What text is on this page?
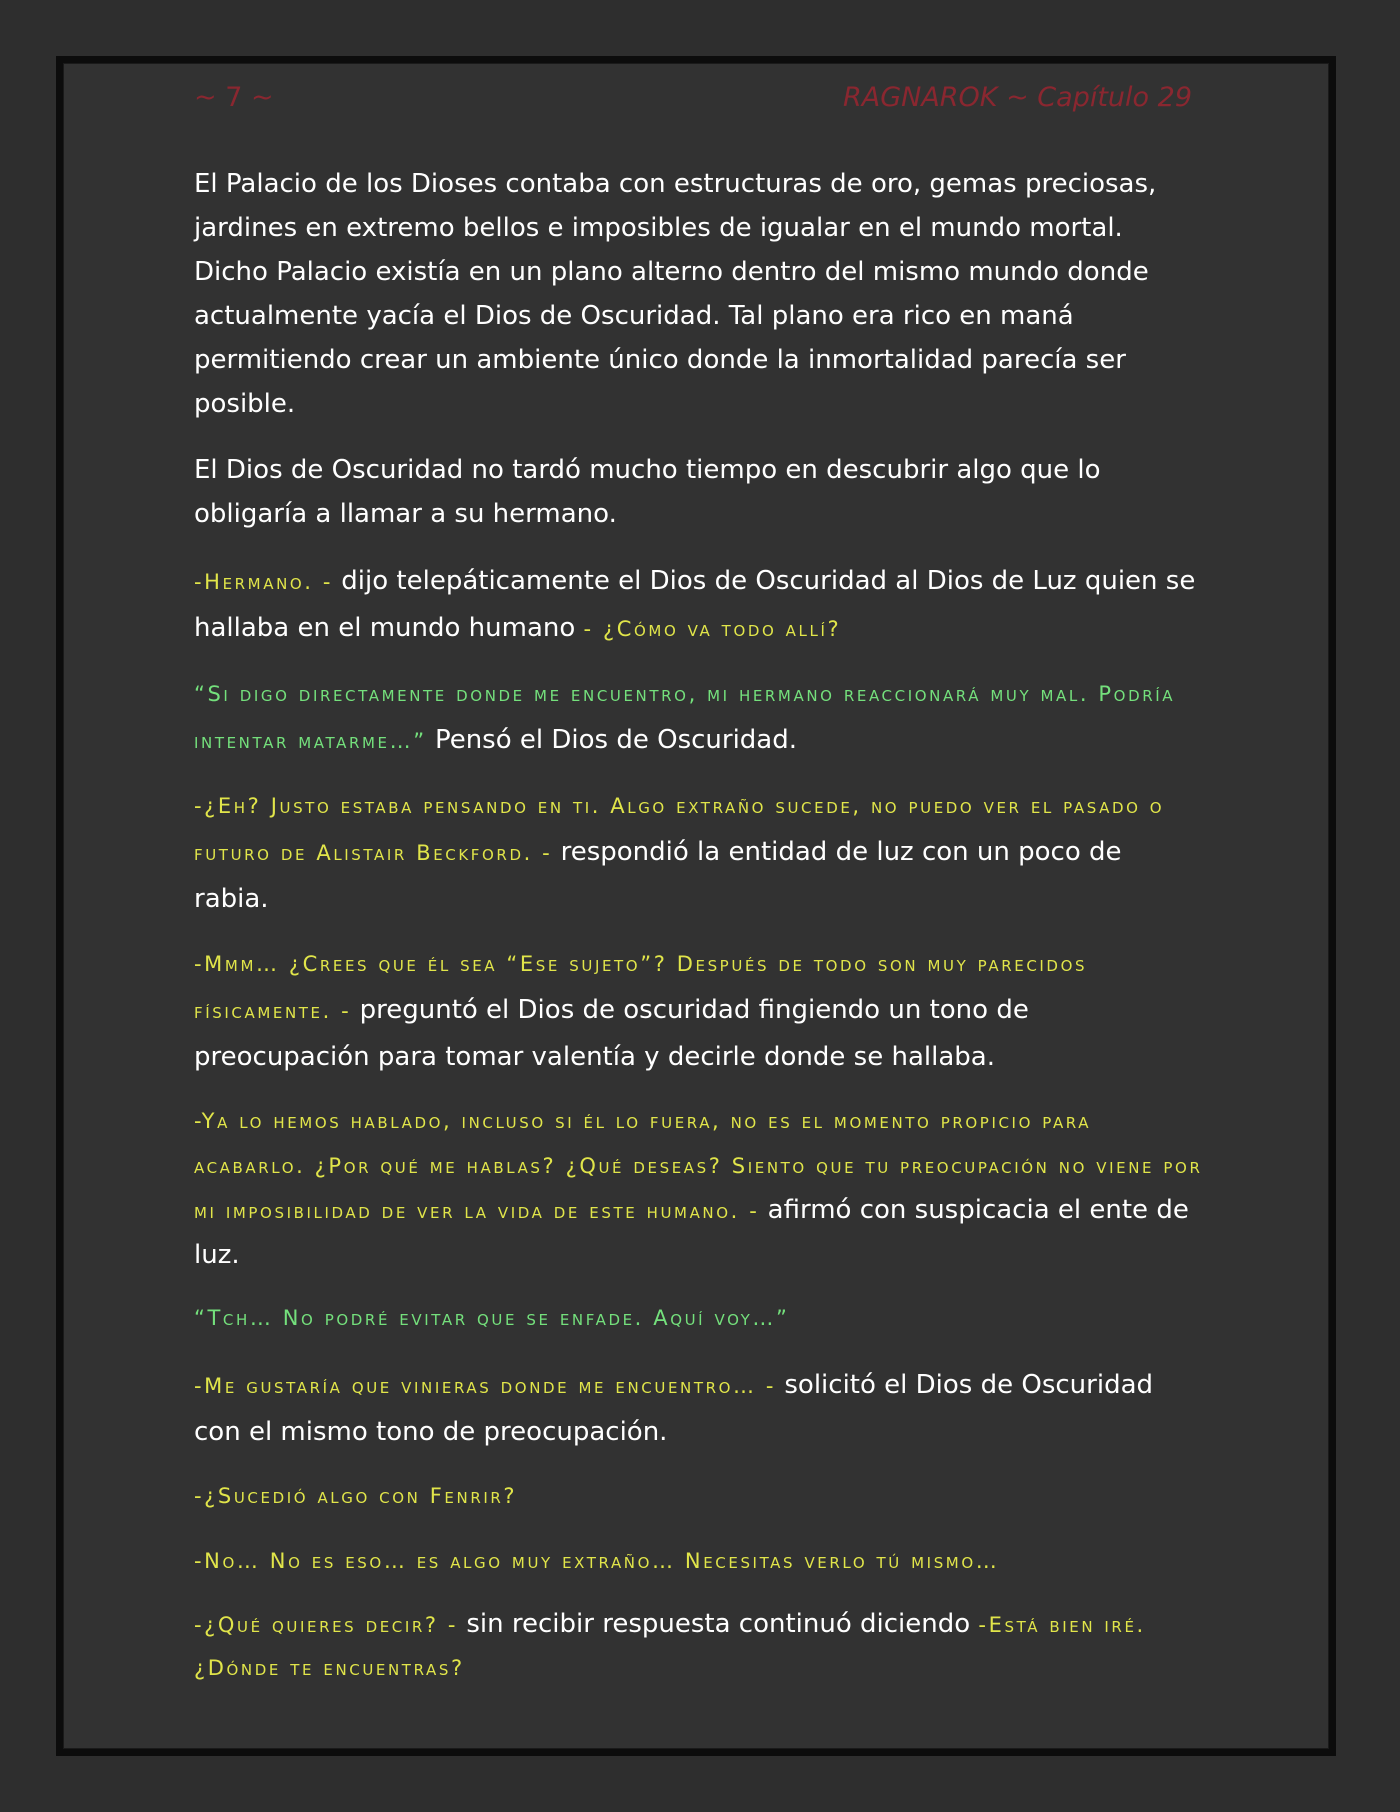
~ 7 ~	RAGNAROK ~ Capítulo 29

El Palacio de los Dioses contaba con estructuras de oro, gemas preciosas, jardines en extremo bellos e imposibles de igualar en el mundo mortal. Dicho Palacio existía en un plano alterno dentro del mismo mundo donde actualmente yacía el Dios de Oscuridad. Tal plano era rico en maná permitiendo crear un ambiente único donde la inmortalidad parecía ser posible.

El Dios de Oscuridad no tardó mucho tiempo en descubrir algo que lo obligaría a llamar a su hermano.

-Hermano. - dijo telepáticamente el Dios de Oscuridad al Dios de Luz quien se hallaba en el mundo humano - ¿Cómo va todo allí?

“Si digo directamente donde me encuentro, mi hermano reaccionará muy mal. Podría intentar matarme…” Pensó el Dios de Oscuridad.

-¿Eh? Justo estaba pensando en ti. Algo extraño sucede, no puedo ver el pasado o futuro de Alistair Beckford. - respondió la entidad de luz con un poco de rabia.

-Mmm… ¿Crees que él sea “Ese sujeto”? Después de todo son muy parecidos físicamente. - preguntó el Dios de oscuridad fingiendo un tono de preocupación para tomar valentía y decirle donde se hallaba.

-Ya lo hemos hablado, incluso si él lo fuera, no es el momento propicio para acabarlo. ¿Por qué me hablas? ¿Qué deseas? Siento que tu preocupación no viene por mi imposibilidad de ver la vida de este humano. - afirmó con suspicacia el ente de luz.

“Tch… No podré evitar que se enfade. Aquí voy…”

-Me gustaría que vinieras donde me encuentro… - solicitó el Dios de Oscuridad con el mismo tono de preocupación.

-¿Sucedió algo con Fenrir?

-No… No es eso… es algo muy extraño… Necesitas verlo tú mismo…

-¿Qué quieres decir? - sin recibir respuesta continuó diciendo -Está bien iré. ¿Dónde te encuentras?
